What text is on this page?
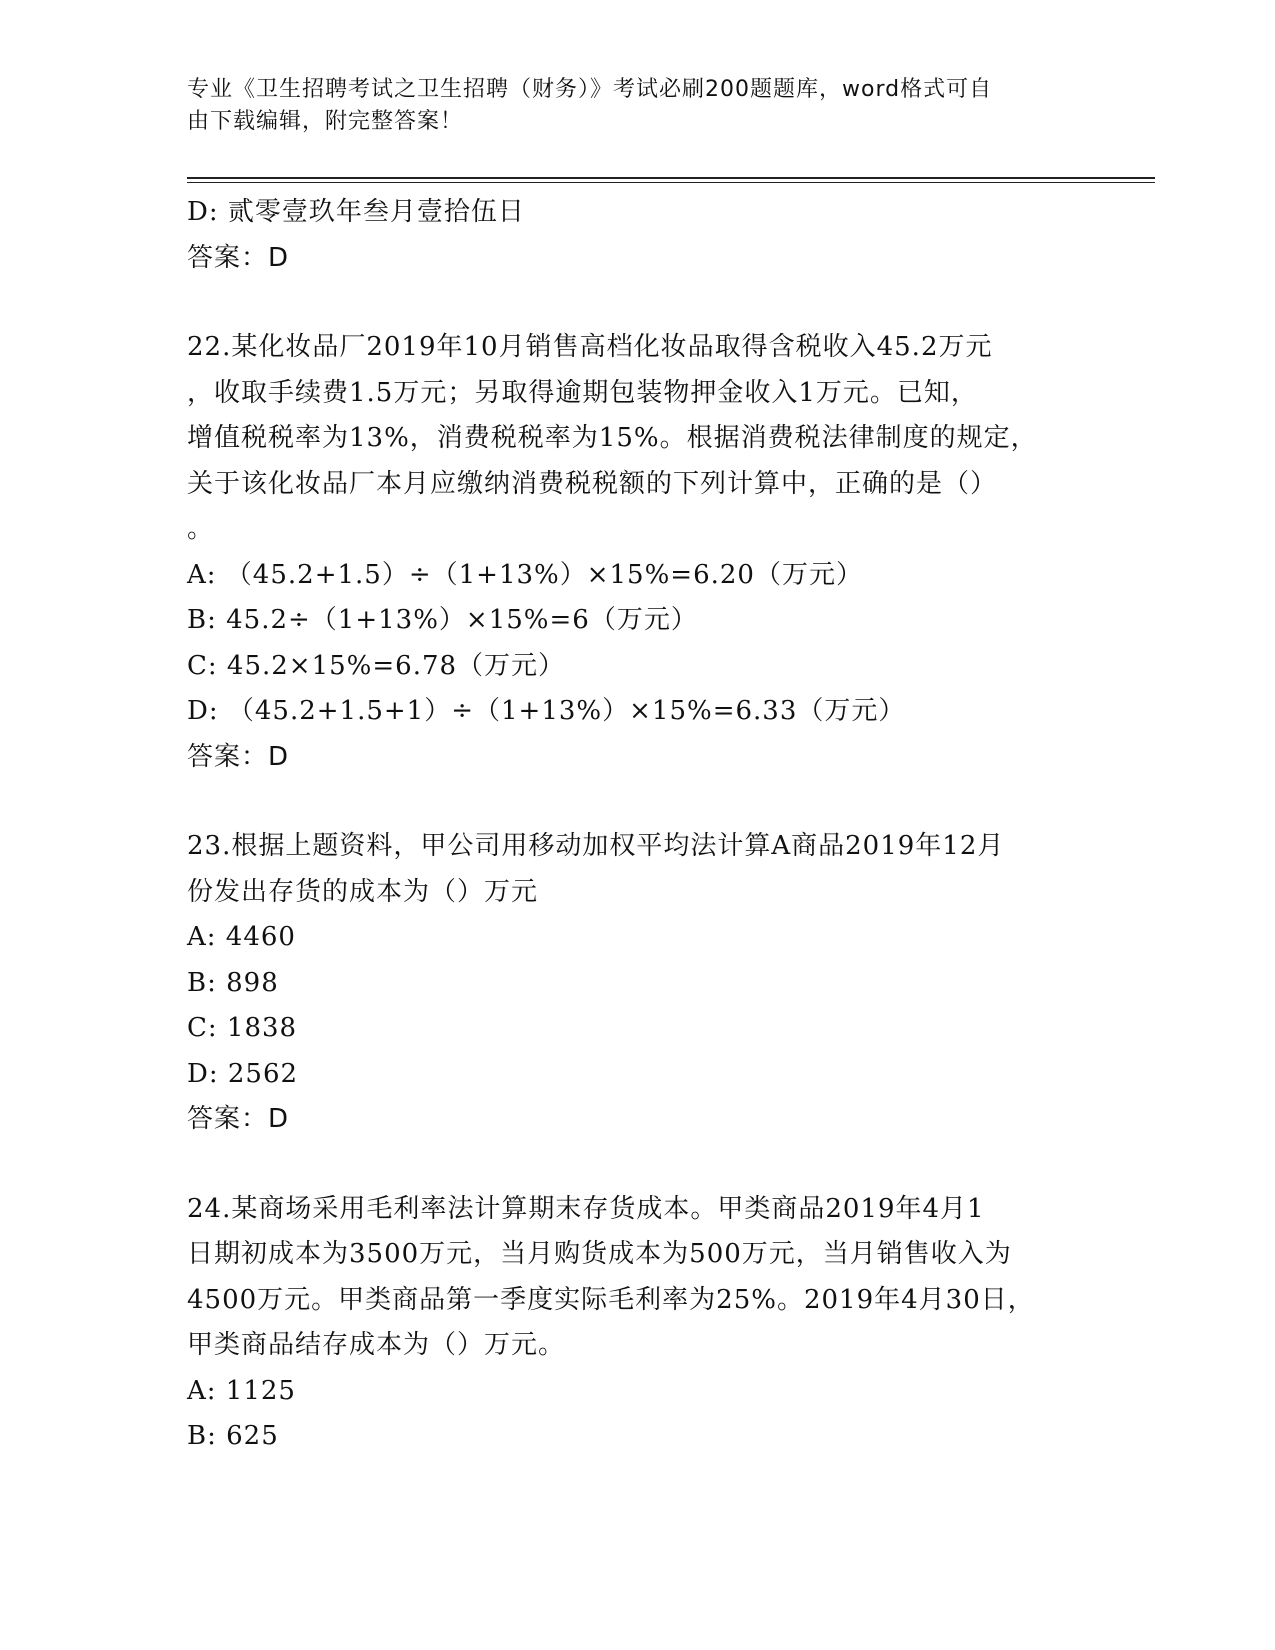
专业《卫生招聘考试之卫生招聘（财务）》考试必刷200题题库，word格式可自
由下载编辑，附完整答案！
D: 贰零壹玖年叁月壹拾伍日
答案：D
22.某化妆品厂2019年10月销售高档化妆品取得含税收入45.2万元
，收取手续费1.5万元；另取得逾期包装物押金收入1万元。已知，
增值税税率为13%，消费税税率为15%。根据消费税法律制度的规定，
关于该化妆品厂本月应缴纳消费税税额的下列计算中，正确的是（）
。
A: （45.2+1.5）÷（1+13%）×15%=6.20（万元）
B: 45.2÷（1+13%）×15%=6（万元）
C: 45.2×15%=6.78（万元）
D: （45.2+1.5+1）÷（1+13%）×15%=6.33（万元）
答案：D
23.根据上题资料，甲公司用移动加权平均法计算A商品2019年12月
份发出存货的成本为（）万元
A: 4460
B: 898
C: 1838
D: 2562
答案：D
24.某商场采用毛利率法计算期末存货成本。甲类商品2019年4月1
日期初成本为3500万元，当月购货成本为500万元，当月销售收入为
4500万元。甲类商品第一季度实际毛利率为25%。2019年4月30日，
甲类商品结存成本为（）万元。
A: 1125
B: 625
